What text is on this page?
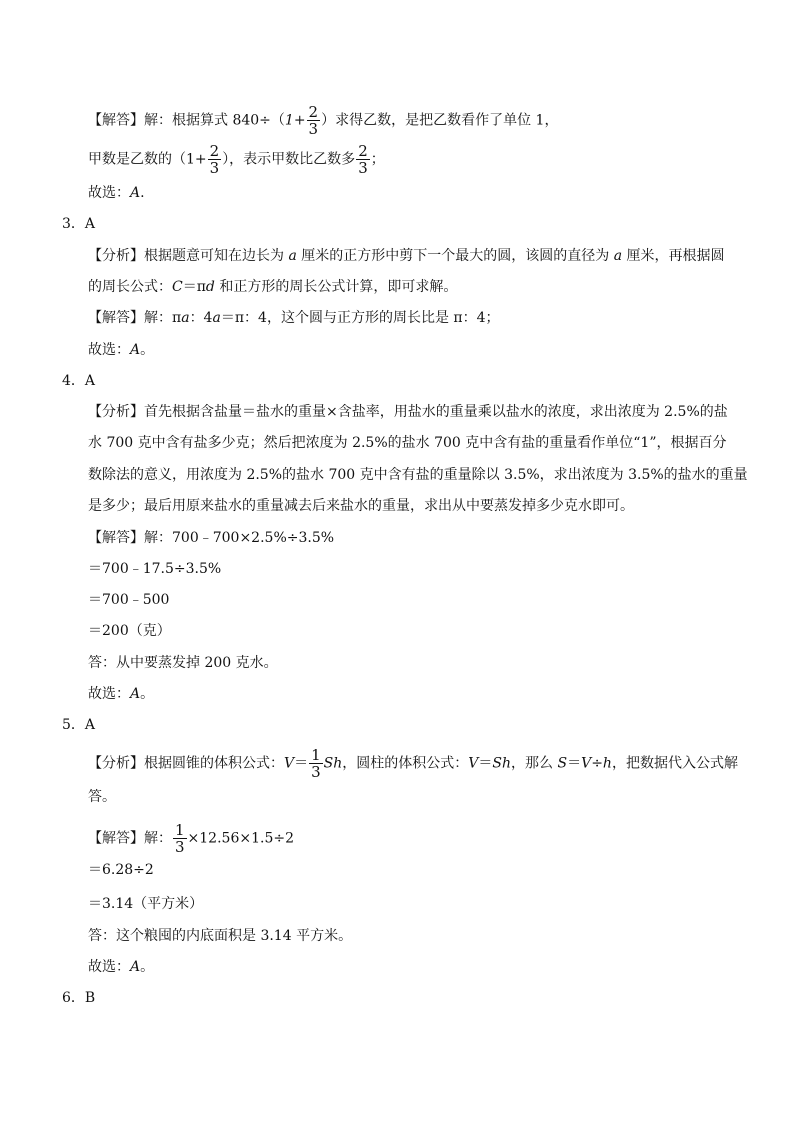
【解答】解：根据算式 $840\div(1+ \frac{2}{3}$ ）求得乙数，是把乙数看作了单位 1，
甲数是乙数的（$1+ \frac{2}{3}$ ），表示甲数比乙数多 $\frac{2}{3}$ ；
故选：A.
3．A
【分析】根据题意可知在边长为 a 厘米的正方形中剪下一个最大的圆，该圆的直径为 a 厘米，再根据圆
的周长公式：C＝πd 和正方形的周长公式计算，即可求解。
【解答】解：πa：4a＝π：4，这个圆与正方形的周长比是 π：4；
故选：A。
4．A
【分析】首先根据含盐量＝盐水的重量×含盐率，用盐水的重量乘以盐水的浓度，求出浓度为 2.5%的盐
水 700 克中含有盐多少克；然后把浓度为 2.5%的盐水 700 克中含有盐的重量看作单位“1”，根据百分
数除法的意义，用浓度为 2.5%的盐水 700 克中含有盐的重量除以 3.5%，求出浓度为 3.5%的盐水的重量
是多少；最后用原来盐水的重量减去后来盐水的重量，求出从中要蒸发掉多少克水即可。
【解答】解：700﹣700×2.5%÷3.5%
＝700﹣17.5÷3.5%
＝700﹣500
＝200（克）
答：从中要蒸发掉 200 克水。
故选：A。
5．A
【分析】根据圆锥的体积公式：$V= \frac{1}{3}$ Sh，圆柱的体积公式：V＝Sh，那么 S＝V÷h，把数据代入公式解
答。
【解答】解： $\frac{1}{3} \times 12.56\times 1.5\div 2$
＝6.28÷2
＝3.14（平方米）
答：这个粮囤的内底面积是 3.14 平方米。
故选：A。
6．B
